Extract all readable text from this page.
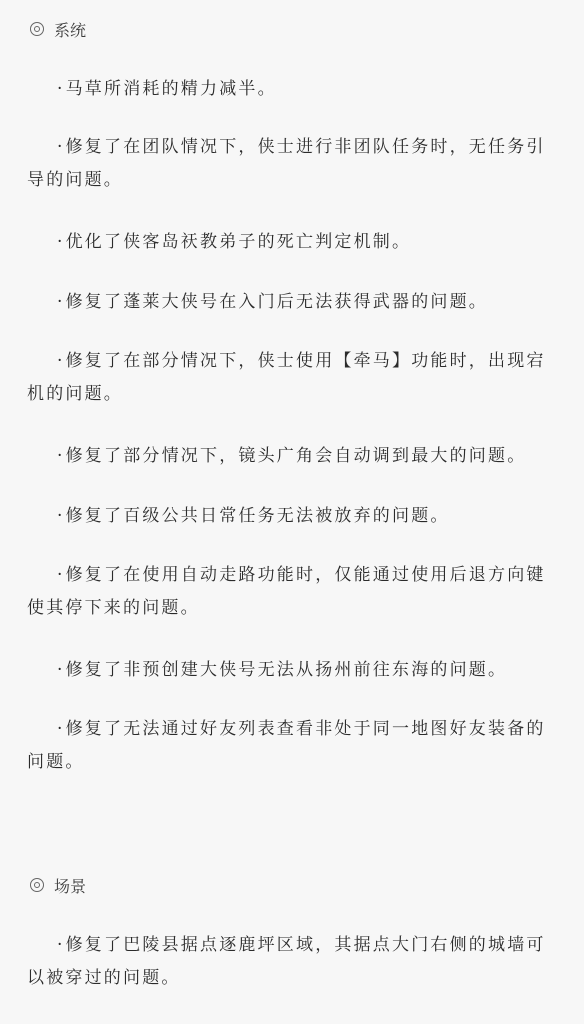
系统
·马草所消耗的精力减半。
·修复了在团队情况下，侠士进行非团队任务时，无任务引导的问题。
·优化了侠客岛祆教弟子的死亡判定机制。
·修复了蓬莱大侠号在入门后无法获得武器的问题。
·修复了在部分情况下，侠士使用【牵马】功能时，出现宕机的问题。
·修复了部分情况下，镜头广角会自动调到最大的问题。
·修复了百级公共日常任务无法被放弃的问题。
·修复了在使用自动走路功能时，仅能通过使用后退方向键使其停下来的问题。
·修复了非预创建大侠号无法从扬州前往东海的问题。
·修复了无法通过好友列表查看非处于同一地图好友装备的问题。
场景
·修复了巴陵县据点逐鹿坪区域，其据点大门右侧的城墙可以被穿过的问题。
